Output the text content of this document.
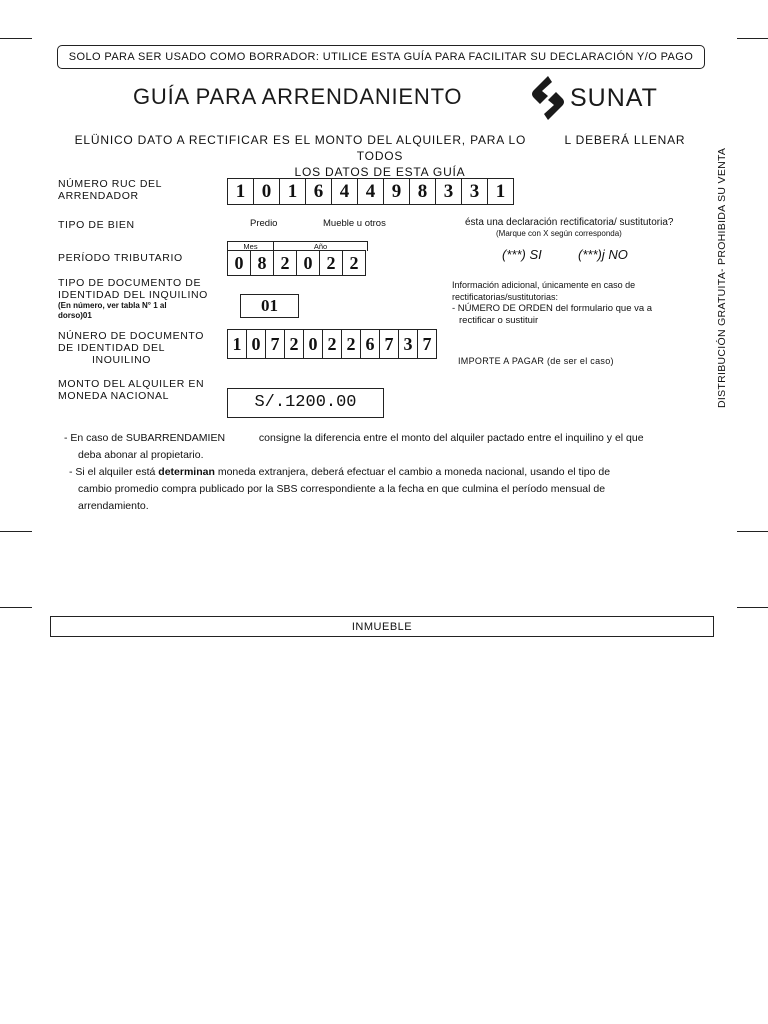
SOLO PARA SER USADO COMO BORRADOR: UTILICE ESTA GUÍA PARA FACILITAR SU DECLARACIÓN Y/O PAGO
GUÍA PARA ARRENDANIENTO	SUNAT
ELÜNICO DATO A RECTIFICAR ES EL MONTO DEL ALQUILER, PARA LO	L DEBERÁ LLENAR TODOS
LOS DATOS DE ESTA GUÍA
NÚMERO RUC DEL
ARRENDADOR	1 0 1 6 4 4 9 8 3 3 1
TIPO DE BIEN	Predio	Mueble u otros	ésta una declaración rectificatoria/ sustitutoria?
(Marque con X según corresponda)
(***) SI	(***)j NO
PERÍODO TRIBUTARIO
Mes	Año
0 8 2 0 2 2
TIPO DE DOCUMENTO DE
IDENTIDAD DEL INQUILINO
(En número, ver tabla N° 1 al
dorso)01
01
Información adicional, únicamente en caso de
rectificatorias/sustitutorias:
- NÚMERO DE ORDEN del formulario que va a
rectificar o sustituir
IMPORTE A PAGAR (de ser el caso)
NÚNERO DE DOCUMENTO
DE IDENTIDAD DEL
INOUILINO
1 0 7 2 0 2 2 6 7 3 7
MONTO DEL ALQUILER EN
MONEDA NACIONAL	S/.1200.00	DISTRIBUCIÓN GRATUITA- PROHIBIDA SU VENTA
- En caso de SUBARRENDAMIEN	consigne la diferencia entre el monto del alquiler pactado entre el inquilino y el que
deba abonar al propietario.
- Si el alquiler está determinan moneda extranjera, deberá efectuar el cambio a moneda nacional, usando el tipo de
cambio promedio compra publicado por la SBS correspondiente a la fecha en que culmina el período mensual de
arrendamiento.
INMUEBLE
